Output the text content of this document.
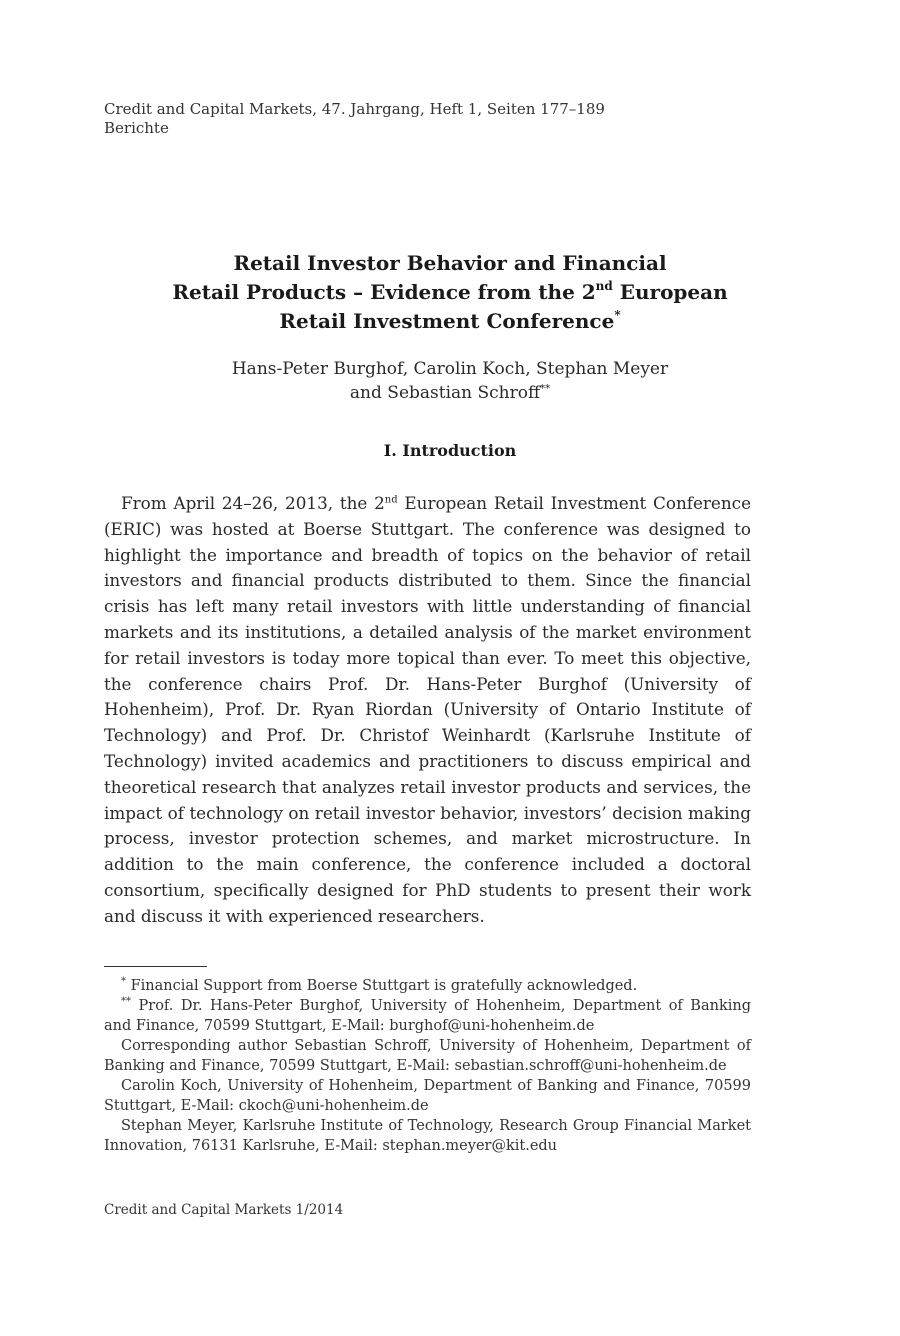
Credit and Capital Markets, 47. Jahrgang, Heft 1, Seiten 177–189
Berichte
Retail Investor Behavior and Financial
Retail Products – Evidence from the 2nd European
Retail Investment Conference*
Hans-Peter Burghof, Carolin Koch, Stephan Meyer
and Sebastian Schroff**
I. Introduction

From April 24–26, 2013, the 2nd European Retail Investment Conference (ERIC) was hosted at Boerse Stuttgart. The conference was designed to highlight the importance and breadth of topics on the behavior of retail investors and financial products distributed to them. Since the financial crisis has left many retail investors with little understanding of financial markets and its institutions, a detailed analysis of the market environment for retail investors is today more topical than ever. To meet this objective, the conference chairs Prof. Dr. Hans-Peter Burghof (University of Hohenheim), Prof. Dr. Ryan Riordan (University of Ontario Institute of Technology) and Prof. Dr. Christof Weinhardt (Karlsruhe Institute of Technology) invited academics and practitioners to discuss empirical and theoretical research that analyzes retail investor products and services, the impact of technology on retail investor behavior, investors’ decision making process, investor protection schemes, and market microstructure. In addition to the main conference, the conference included a doctoral consortium, specifically designed for PhD students to present their work and discuss it with experienced researchers.

* Financial Support from Boerse Stuttgart is gratefully acknowledged.

** Prof. Dr. Hans-Peter Burghof, University of Hohenheim, Department of Banking and Finance, 70599 Stuttgart, E-Mail: burghof@uni-hohenheim.de

Corresponding author Sebastian Schroff, University of Hohenheim, Department of Banking and Finance, 70599 Stuttgart, E-Mail: sebastian.schroff@uni-hohenheim.de

Carolin Koch, University of Hohenheim, Department of Banking and Finance, 70599 Stuttgart, E-Mail: ckoch@uni-hohenheim.de

Stephan Meyer, Karlsruhe Institute of Technology, Research Group Financial Market Innovation, 76131 Karlsruhe, E-Mail: stephan.meyer@kit.edu

Credit and Capital Markets 1/2014
